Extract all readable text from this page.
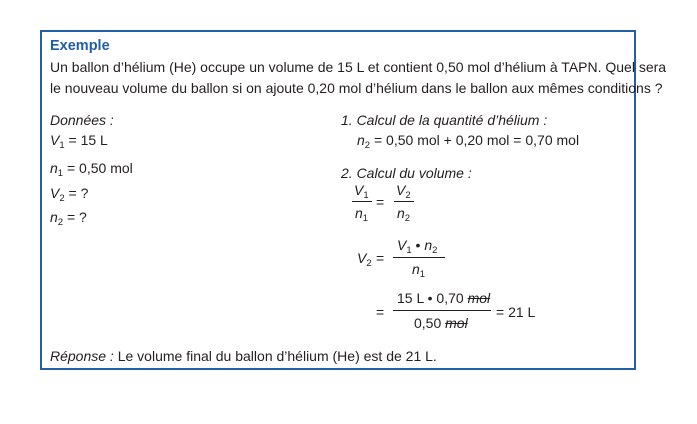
Exemple
Un ballon d’hélium (He) occupe un volume de 15 L et contient 0,50 mol d’hélium à TAPN. Quel sera
le nouveau volume du ballon si on ajoute 0,20 mol d’hélium dans le ballon aux mêmes conditions ?
Données :
$V_1 = 15$ L
$n_1 = 0,50$ mol
$V_2$ = ?
$n_2$ = ?
1. Calcul de la quantité d’hélium :
$n_2 = 0,50$ mol + 0,20 mol = 0,70 mol
2. Calcul du volume :
$V_1$
$n_1$
=
$V_2$
$n_2$
$V_2$ =
$V_1$ • $n_2$
$n_1$
=
15 L • 0,70 mol
0,50 mol
= 21 L
Réponse : Le volume final du ballon d’hélium (He) est de 21 L.
